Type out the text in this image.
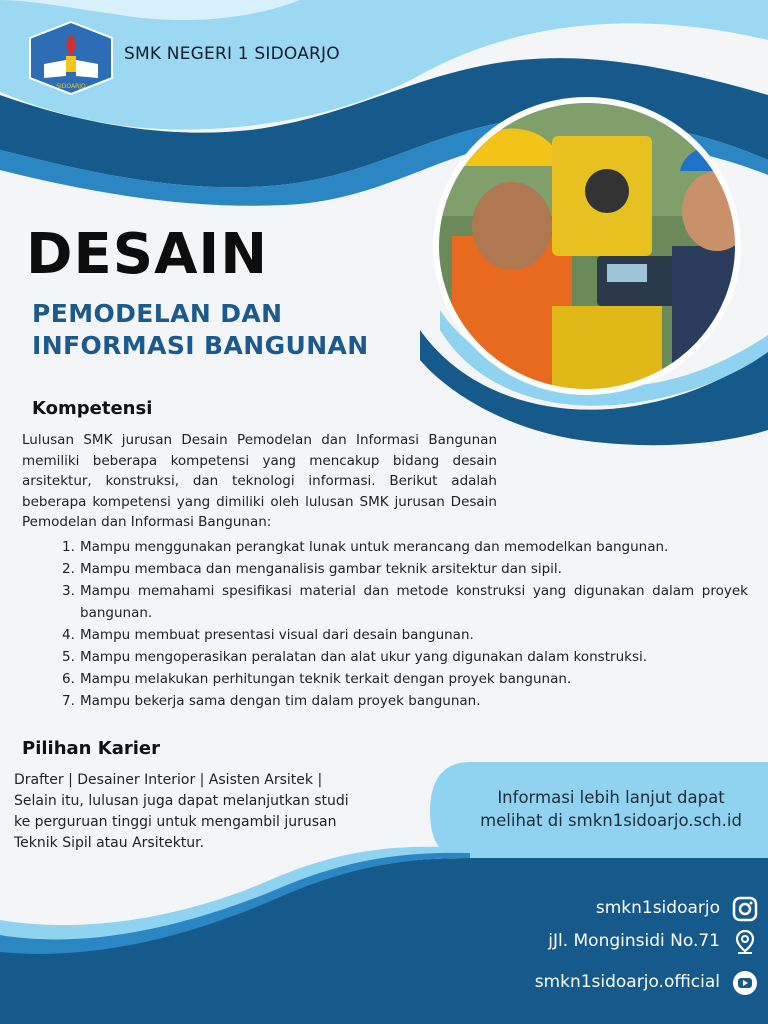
SIDOARJO
SMK NEGERI 1 SIDOARJO
DESAIN
PEMODELAN DAN
INFORMASI BANGUNAN
Kompetensi
Lulusan SMK jurusan Desain Pemodelan dan Informasi Bangunan memiliki beberapa kompetensi yang mencakup bidang desain arsitektur, konstruksi, dan teknologi informasi. Berikut adalah beberapa kompetensi yang dimiliki oleh lulusan SMK jurusan Desain Pemodelan dan Informasi Bangunan:
1. Mampu menggunakan perangkat lunak untuk merancang dan memodelkan bangunan.
2. Mampu membaca dan menganalisis gambar teknik arsitektur dan sipil.
3. Mampu memahami spesifikasi material dan metode konstruksi yang digunakan dalam proyek bangunan.
4. Mampu membuat presentasi visual dari desain bangunan.
5. Mampu mengoperasikan peralatan dan alat ukur yang digunakan dalam konstruksi.
6. Mampu melakukan perhitungan teknik terkait dengan proyek bangunan.
7. Mampu bekerja sama dengan tim dalam proyek bangunan.
Pilihan Karier
Drafter | Desainer Interior | Asisten Arsitek |
Selain itu, lulusan juga dapat melanjutkan studi
ke perguruan tinggi untuk mengambil jurusan
Teknik Sipil atau Arsitektur.
Informasi lebih lanjut dapat
melihat di smkn1sidoarjo.sch.id
smkn1sidoarjo
jJl. Monginsidi No.71
smkn1sidoarjo.official
